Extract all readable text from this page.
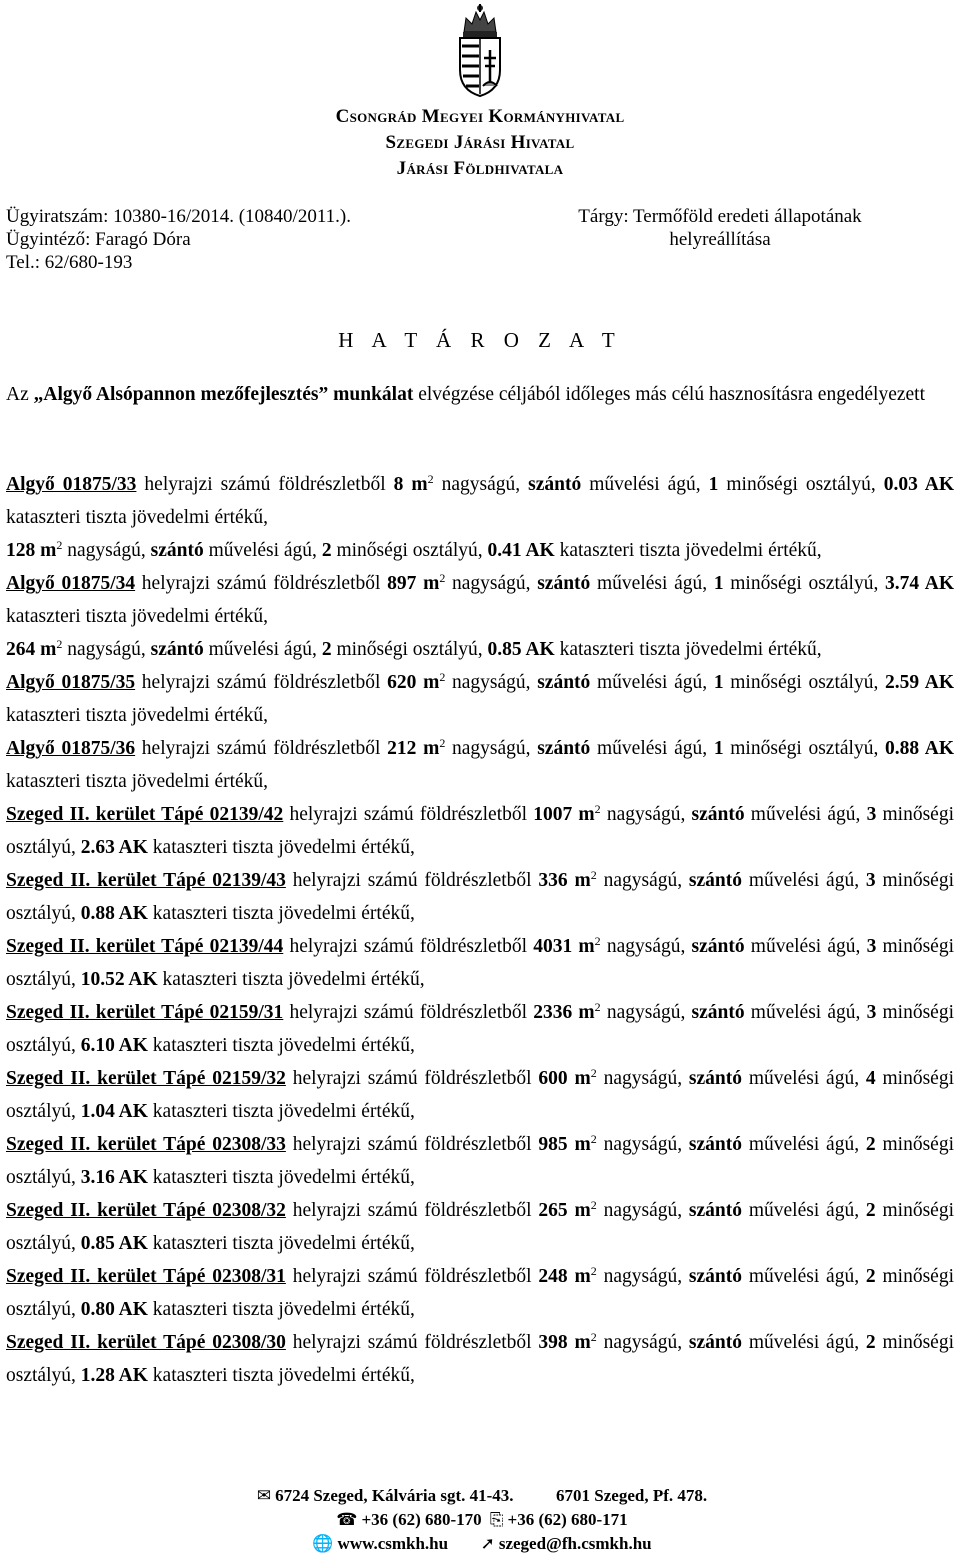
Csongrád Megyei Kormányhivatal
Szegedi Járási Hivatal
Járási Földhivatala
Ügyiratszám: 10380-16/2014. (10840/2011.).
Ügyintéző: Faragó Dóra
Tel.: 62/680-193
Tárgy: Termőföld eredeti állapotának
helyreállítása
H A T Á R O Z A T
Az „Algyő Alsópannon mezőfejlesztés” munkálat elvégzése céljából időleges más célú hasznosításra engedélyezett

Algyő 01875/33 helyrajzi számú földrészletből 8 $m^2$ nagyságú, szántó művelési ágú, 1 minőségi osztályú, 0.03 AK kataszteri tiszta jövedelmi értékű,

128 $m^2$ nagyságú, szántó művelési ágú, 2 minőségi osztályú, 0.41 AK kataszteri tiszta jövedelmi értékű,

Algyő 01875/34 helyrajzi számú földrészletből 897 $m^2$ nagyságú, szántó művelési ágú, 1 minőségi osztályú, 3.74 AK kataszteri tiszta jövedelmi értékű,

264 $m^2$ nagyságú, szántó művelési ágú, 2 minőségi osztályú, 0.85 AK kataszteri tiszta jövedelmi értékű,

Algyő 01875/35 helyrajzi számú földrészletből 620 $m^2$ nagyságú, szántó művelési ágú, 1 minőségi osztályú, 2.59 AK kataszteri tiszta jövedelmi értékű,

Algyő 01875/36 helyrajzi számú földrészletből 212 $m^2$ nagyságú, szántó művelési ágú, 1 minőségi osztályú, 0.88 AK kataszteri tiszta jövedelmi értékű,

Szeged II. kerület Tápé 02139/42 helyrajzi számú földrészletből 1007 $m^2$ nagyságú, szántó művelési ágú, 3 minőségi osztályú, 2.63 AK kataszteri tiszta jövedelmi értékű,

Szeged II. kerület Tápé 02139/43 helyrajzi számú földrészletből 336 $m^2$ nagyságú, szántó művelési ágú, 3 minőségi osztályú, 0.88 AK kataszteri tiszta jövedelmi értékű,

Szeged II. kerület Tápé 02139/44 helyrajzi számú földrészletből 4031 $m^2$ nagyságú, szántó művelési ágú, 3 minőségi osztályú, 10.52 AK kataszteri tiszta jövedelmi értékű,

Szeged II. kerület Tápé 02159/31 helyrajzi számú földrészletből 2336 $m^2$ nagyságú, szántó művelési ágú, 3 minőségi osztályú, 6.10 AK kataszteri tiszta jövedelmi értékű,

Szeged II. kerület Tápé 02159/32 helyrajzi számú földrészletből 600 $m^2$ nagyságú, szántó művelési ágú, 4 minőségi osztályú, 1.04 AK kataszteri tiszta jövedelmi értékű,

Szeged II. kerület Tápé 02308/33 helyrajzi számú földrészletből 985 $m^2$ nagyságú, szántó művelési ágú, 2 minőségi osztályú, 3.16 AK kataszteri tiszta jövedelmi értékű,

Szeged II. kerület Tápé 02308/32 helyrajzi számú földrészletből 265 $m^2$ nagyságú, szántó művelési ágú, 2 minőségi osztályú, 0.85 AK kataszteri tiszta jövedelmi értékű,

Szeged II. kerület Tápé 02308/31 helyrajzi számú földrészletből 248 $m^2$ nagyságú, szántó művelési ágú, 2 minőségi osztályú, 0.80 AK kataszteri tiszta jövedelmi értékű,

Szeged II. kerület Tápé 02308/30 helyrajzi számú földrészletből 398 $m^2$ nagyságú, szántó művelési ágú, 2 minőségi osztályú, 1.28 AK kataszteri tiszta jövedelmi értékű,

✉ 6724 Szeged, Kálvária sgt. 41-43.	6701 Szeged, Pf. 478.
☎ +36 (62) 680-170 ⎘ +36 (62) 680-171
🌐 www.csmkh.hu ➚ szeged@fh.csmkh.hu
